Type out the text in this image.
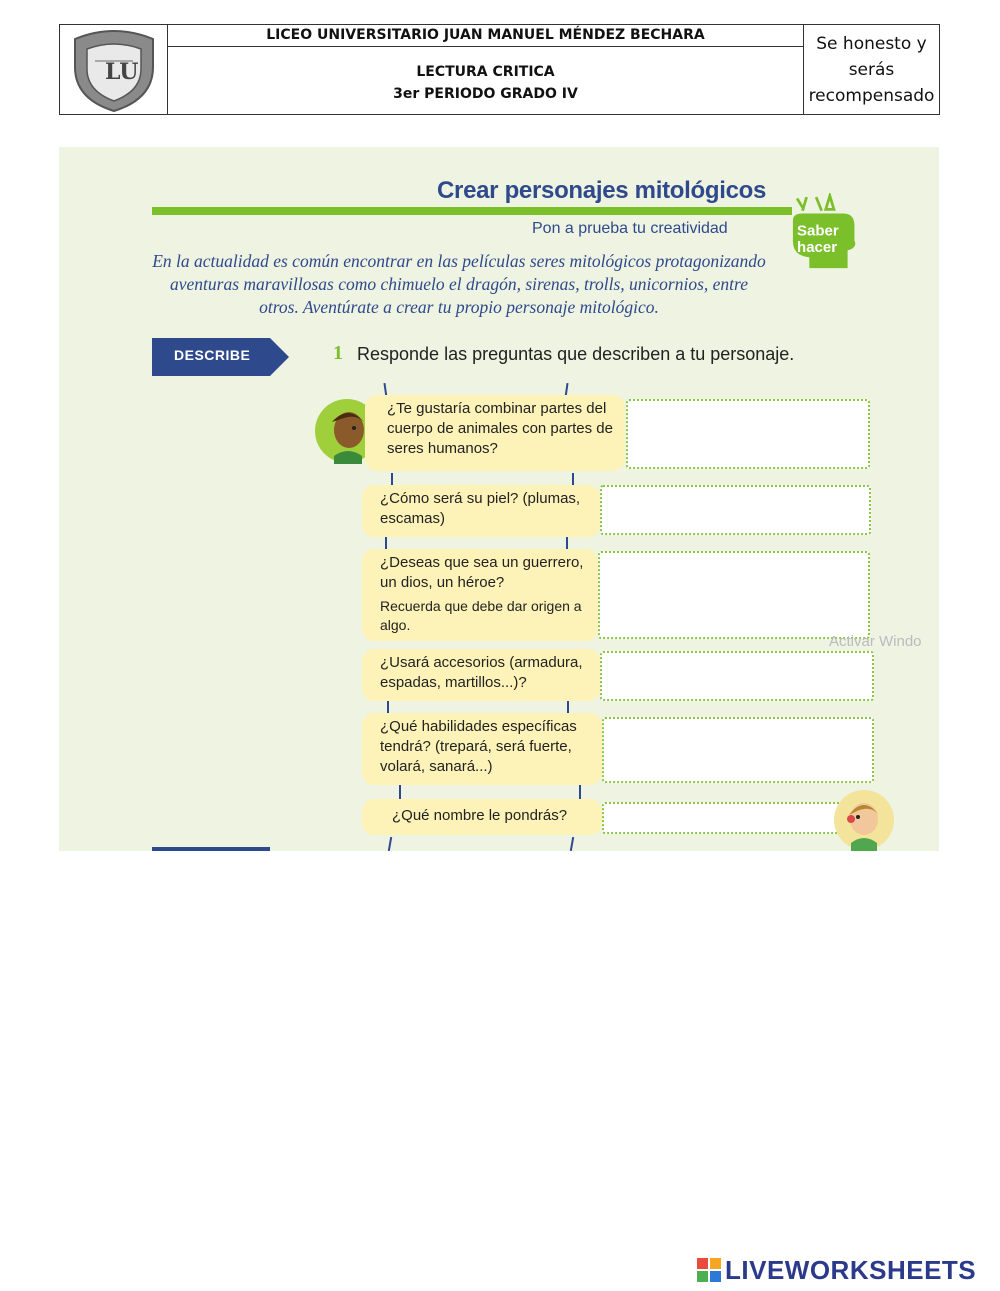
LU
LICEO UNIVERSITARIO JUAN MANUEL MÉNDEZ BECHARA
LECTURA CRITICA
3er PERIODO GRADO IV
Se honesto y serás recompensado
Crear personajes mitológicos
Pon a prueba tu creatividad	Saber
hacer
En la actualidad es común encontrar en las películas seres mitológicos protagonizando aventuras maravillosas como chimuelo el dragón, sirenas, trolls, unicornios, entre otros. Aventúrate a crear tu propio personaje mitológico.
DESCRIBE	1 Responde las preguntas que describen a tu personaje.
¿Te gustaría combinar partes del cuerpo de animales con partes de seres humanos?
¿Cómo será su piel? (plumas, escamas)
¿Deseas que sea un guerrero, un dios, un héroe?
Recuerda que debe dar origen a algo.
Activar Windo
¿Usará accesorios (armadura, espadas, martillos...)?
¿Qué habilidades específicas tendrá? (trepará, será fuerte, volará, sanará...)
¿Qué nombre le pondrás?
LIVEWORKSHEETS
